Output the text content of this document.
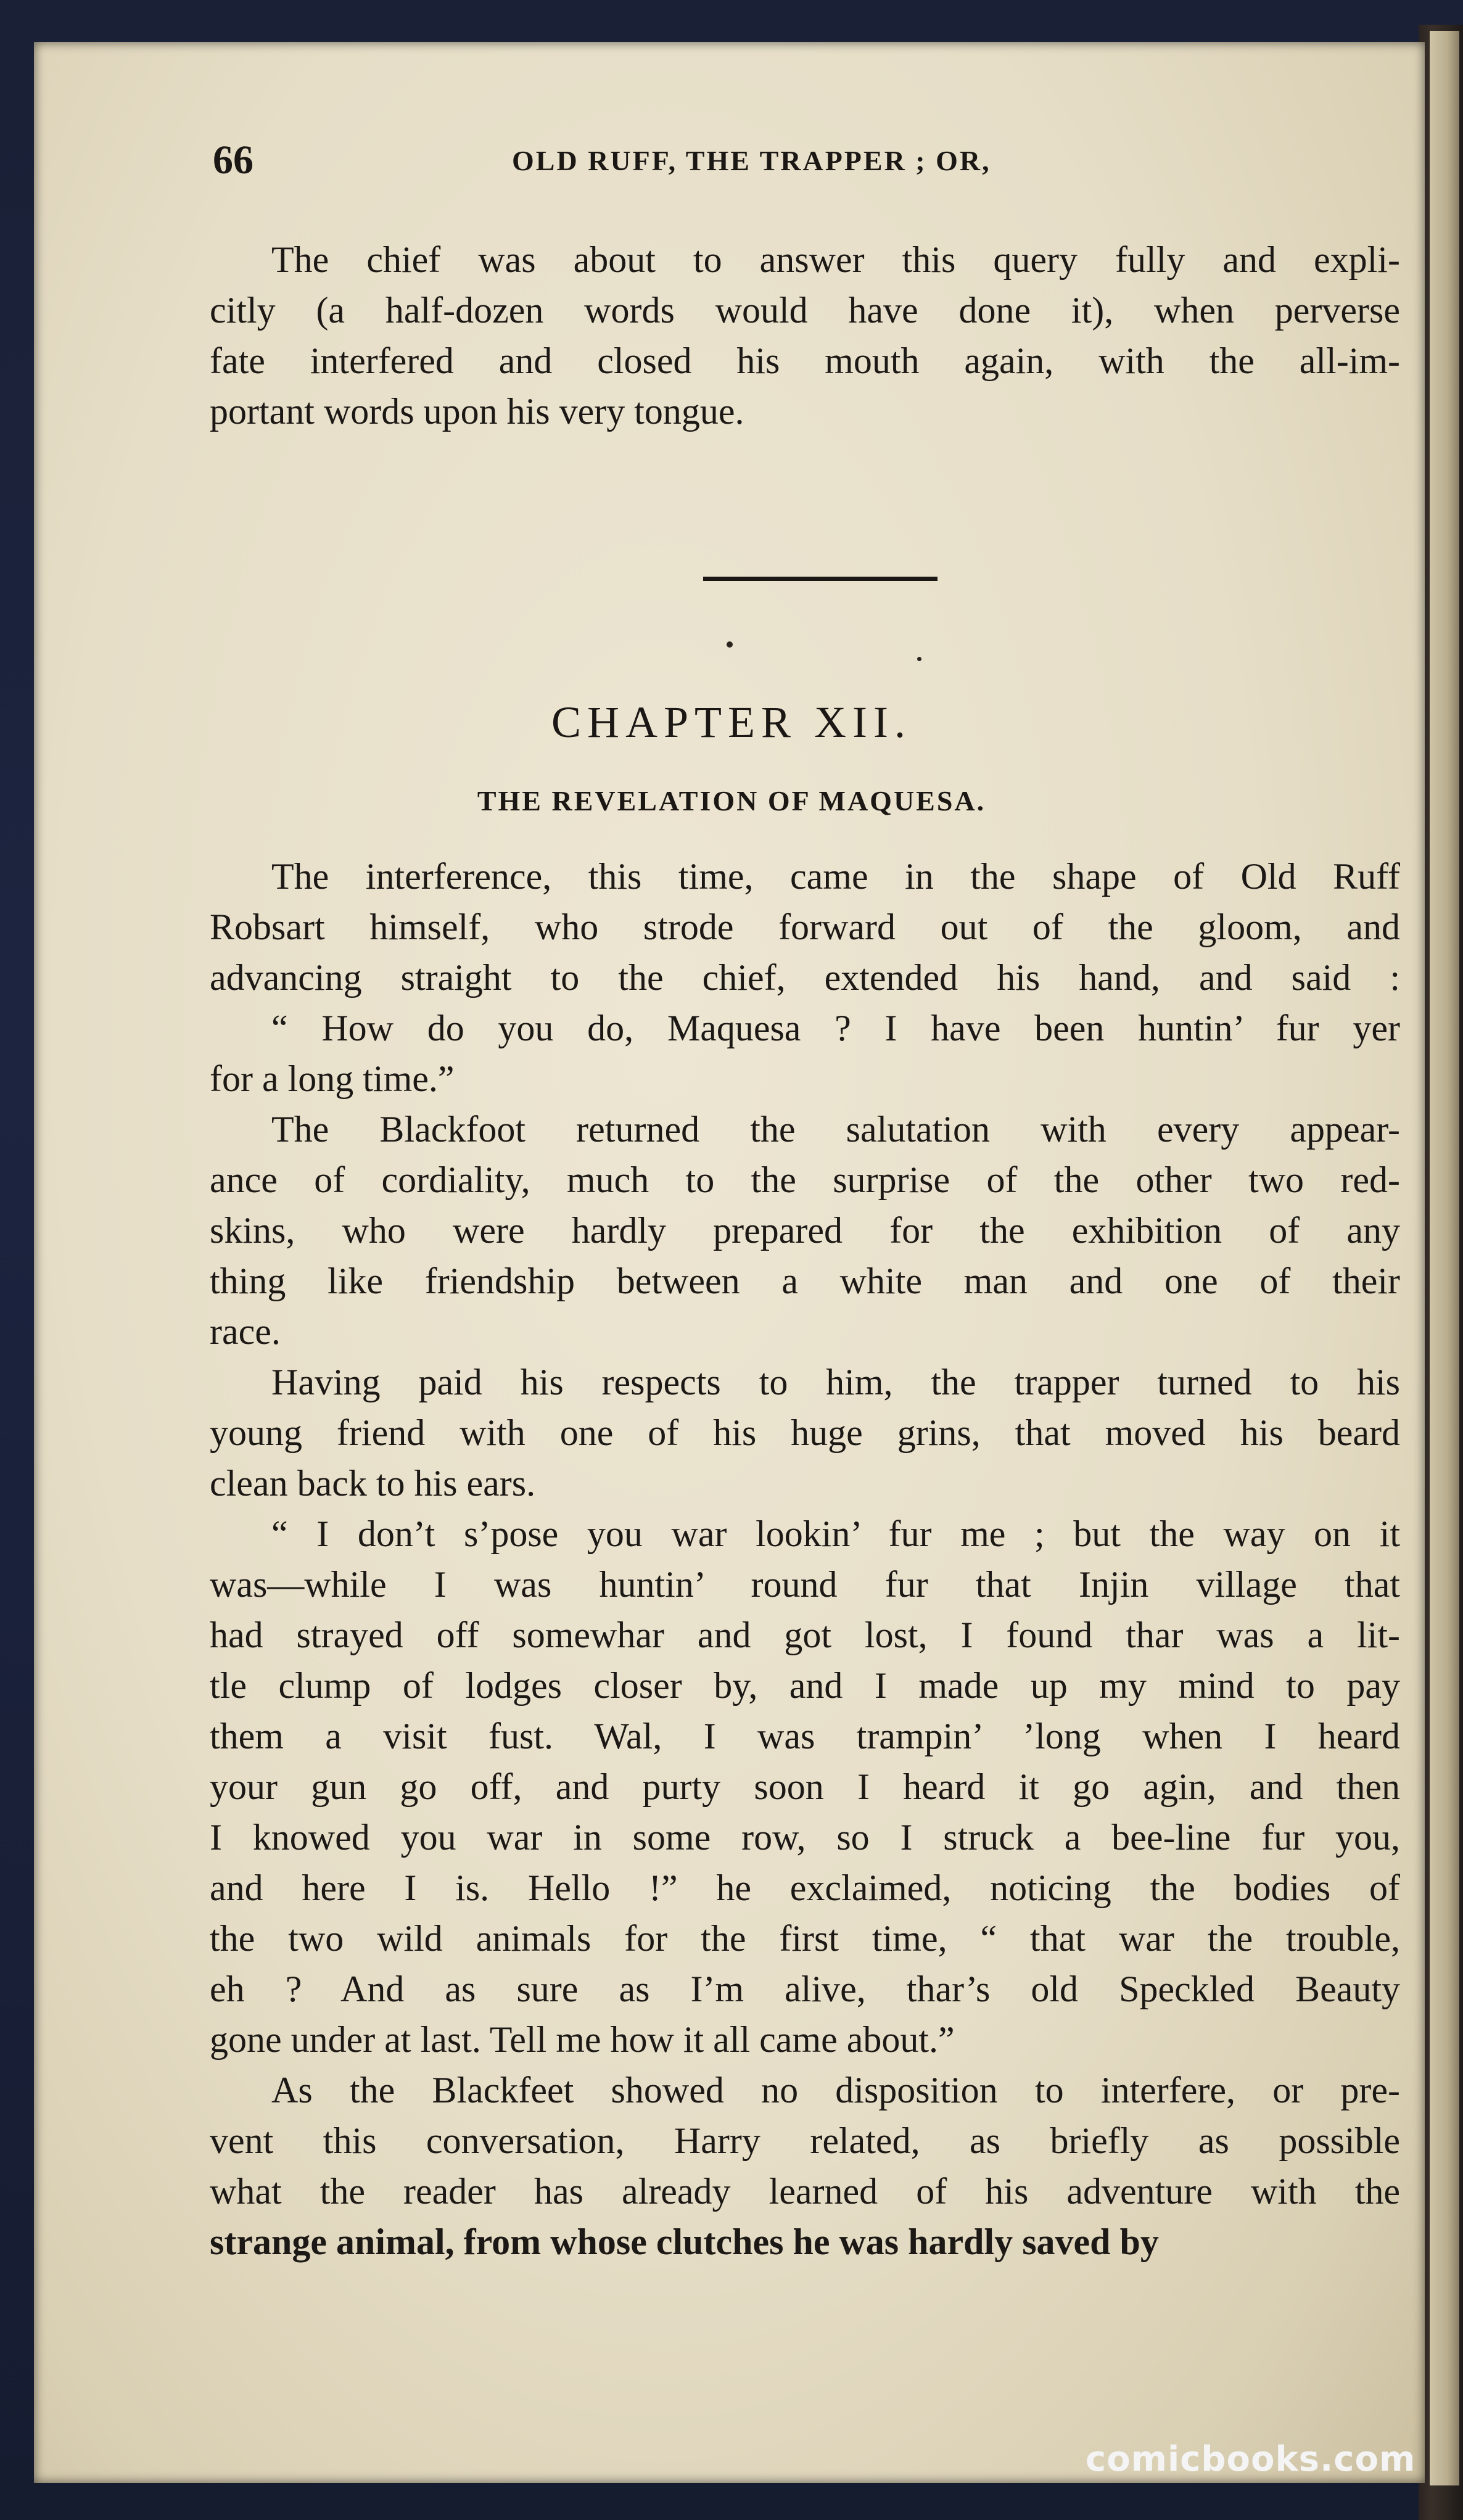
66	OLD RUFF, THE TRAPPER ; OR,
The chief was about to answer this query fully and expli-
citly (a half-dozen words would have done it), when perverse
fate interfered and closed his mouth again, with the all-im-
portant words upon his very tongue.
CHAPTER XII.
THE REVELATION OF MAQUESA.
The interference, this time, came in the shape of Old Ruff
Robsart himself, who strode forward out of the gloom, and
advancing straight to the chief, extended his hand, and said :
“ How do you do, Maquesa ? I have been huntin’ fur yer
for a long time.”
The Blackfoot returned the salutation with every appear-
ance of cordiality, much to the surprise of the other two red-
skins, who were hardly prepared for the exhibition of any
thing like friendship between a white man and one of their
race.
Having paid his respects to him, the trapper turned to his
young friend with one of his huge grins, that moved his beard
clean back to his ears.
“ I don’t s’pose you war lookin’ fur me ; but the way on it
was—while I was huntin’ round fur that Injin village that
had strayed off somewhar and got lost, I found thar was a lit-
tle clump of lodges closer by, and I made up my mind to pay
them a visit fust. Wal, I was trampin’ ’long when I heard
your gun go off, and purty soon I heard it go agin, and then
I knowed you war in some row, so I struck a bee-line fur you,
and here I is. Hello !” he exclaimed, noticing the bodies of
the two wild animals for the first time, “ that war the trouble,
eh ? And as sure as I’m alive, thar’s old Speckled Beauty
gone under at last. Tell me how it all came about.”
As the Blackfeet showed no disposition to interfere, or pre-
vent this conversation, Harry related, as briefly as possible
what the reader has already learned of his adventure with the
strange animal, from whose clutches he was hardly saved by
comicbooks.com
